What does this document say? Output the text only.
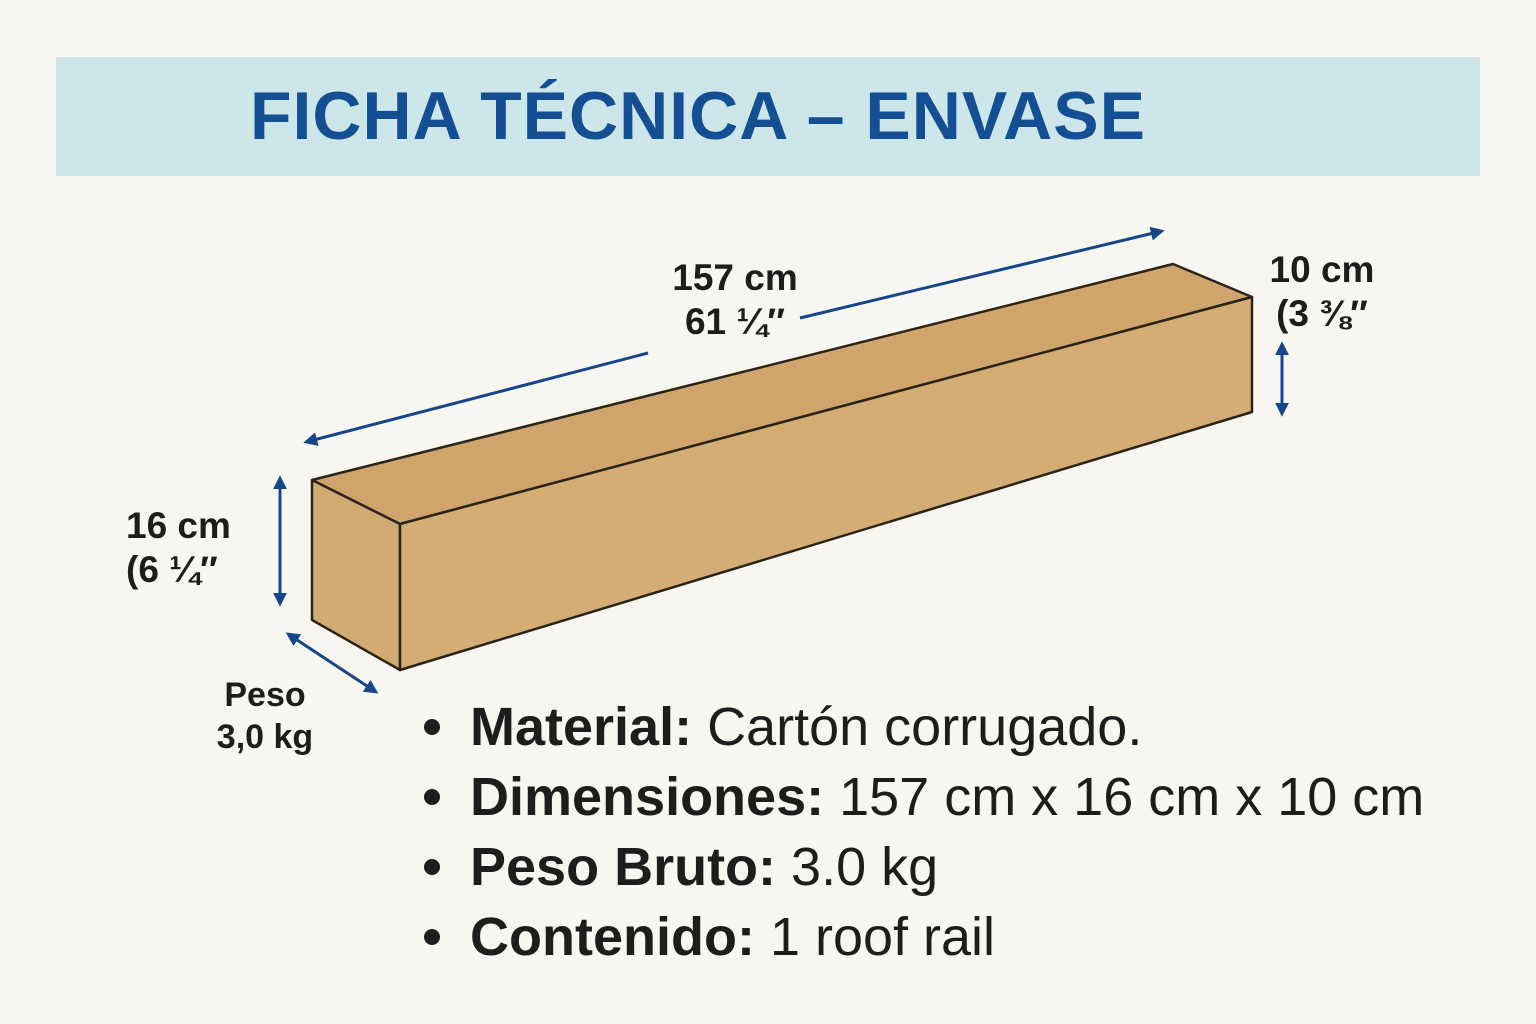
FICHA TÉCNICA – ENVASE
157 cm
61 ¼″
10 cm
(3 ⅜″
16 cm
(6 ¼″
Peso
3,0 kg	Material: Cartón corrugado.
Dimensiones: 157 cm x 16 cm x 10 cm
Peso Bruto: 3.0 kg
Contenido: 1 roof rail
